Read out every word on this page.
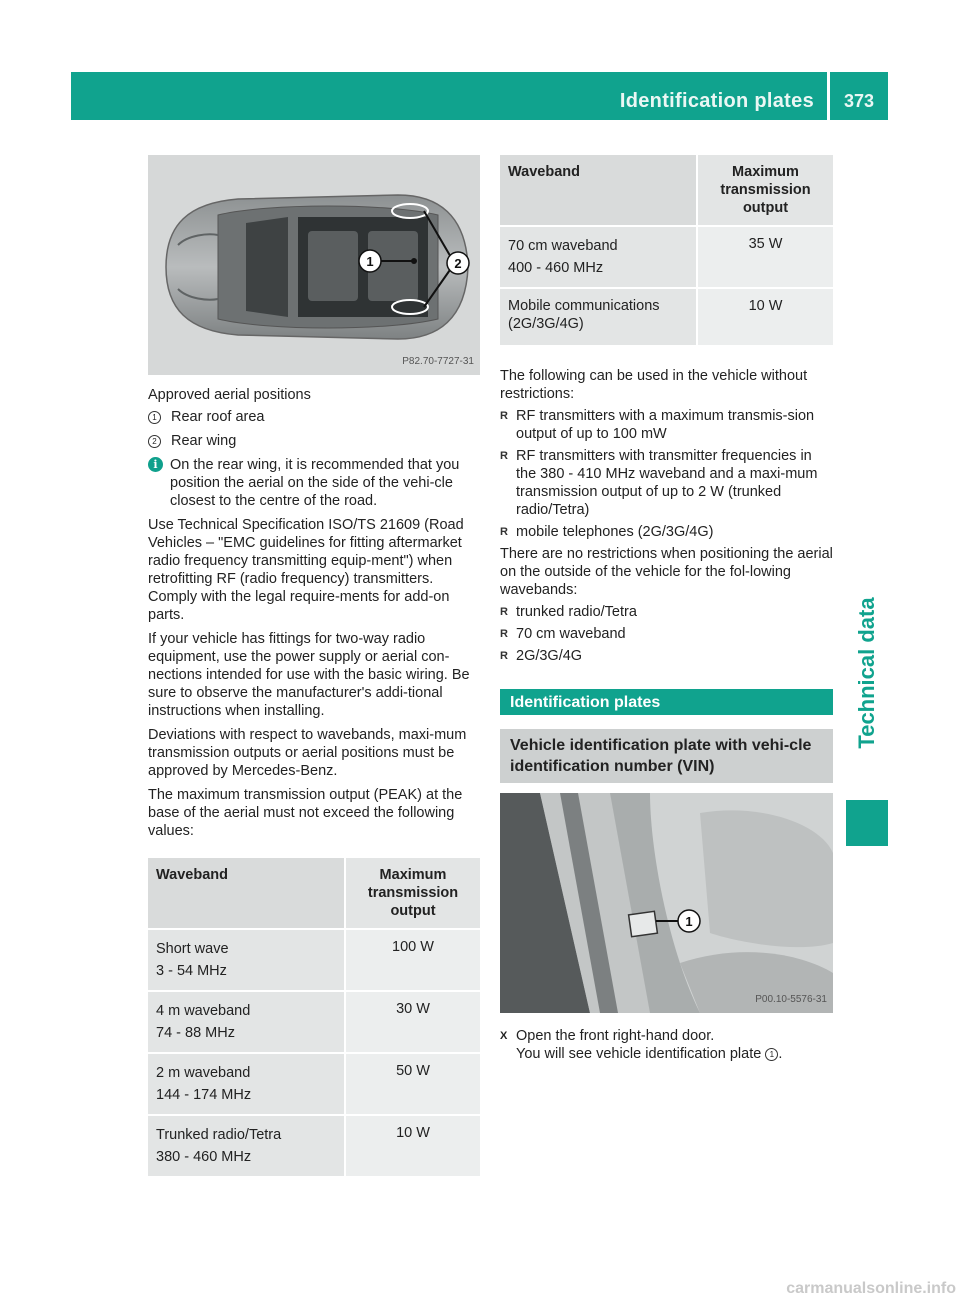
Identification plates	373
Technical data
1	2
P82.70-7727-31

Approved aerial positions

1 Rear roof area
2 Rear wing

i On the rear wing, it is recommended that you position the aerial on the side of the vehi-cle closest to the centre of the road.

Use Technical Specification ISO/TS 21609 (Road Vehicles – "EMC guidelines for fitting aftermarket radio frequency transmitting equip-ment") when retrofitting RF (radio frequency) transmitters. Comply with the legal require-ments for add-on parts.

If your vehicle has fittings for two-way radio equipment, use the power supply or aerial con-nections intended for use with the basic wiring. Be sure to observe the manufacturer's addi-tional instructions when installing.

Deviations with respect to wavebands, maxi-mum transmission outputs or aerial positions must be approved by Mercedes-Benz.

The maximum transmission output (PEAK) at the base of the aerial must not exceed the following values:

Waveband	Maximum transmission output

Short wave
3 - 54 MHz	100 W

4 m waveband
74 - 88 MHz	30 W

2 m waveband
144 - 174 MHz	50 W

Trunked radio/Tetra
380 - 460 MHz	10 W
Waveband	Maximum transmission output

70 cm waveband
400 - 460 MHz	35 W
Mobile communications (2G/3G/4G)	10 W

The following can be used in the vehicle without restrictions:

R RF transmitters with a maximum transmis-sion output of up to 100 mW
R RF transmitters with transmitter frequencies in the 380 - 410 MHz waveband and a maxi-mum transmission output of up to 2 W (trunked radio/Tetra)
R mobile telephones (2G/3G/4G)

There are no restrictions when positioning the aerial on the outside of the vehicle for the fol-lowing wavebands:

R trunked radio/Tetra
R 70 cm waveband
R 2G/3G/4G
Identification plates
Vehicle identification plate with vehi-cle identification number (VIN)
1
P00.10-5576-31

X Open the front right-hand door.

You will see vehicle identification plate 1 .

carmanualsonline.info
